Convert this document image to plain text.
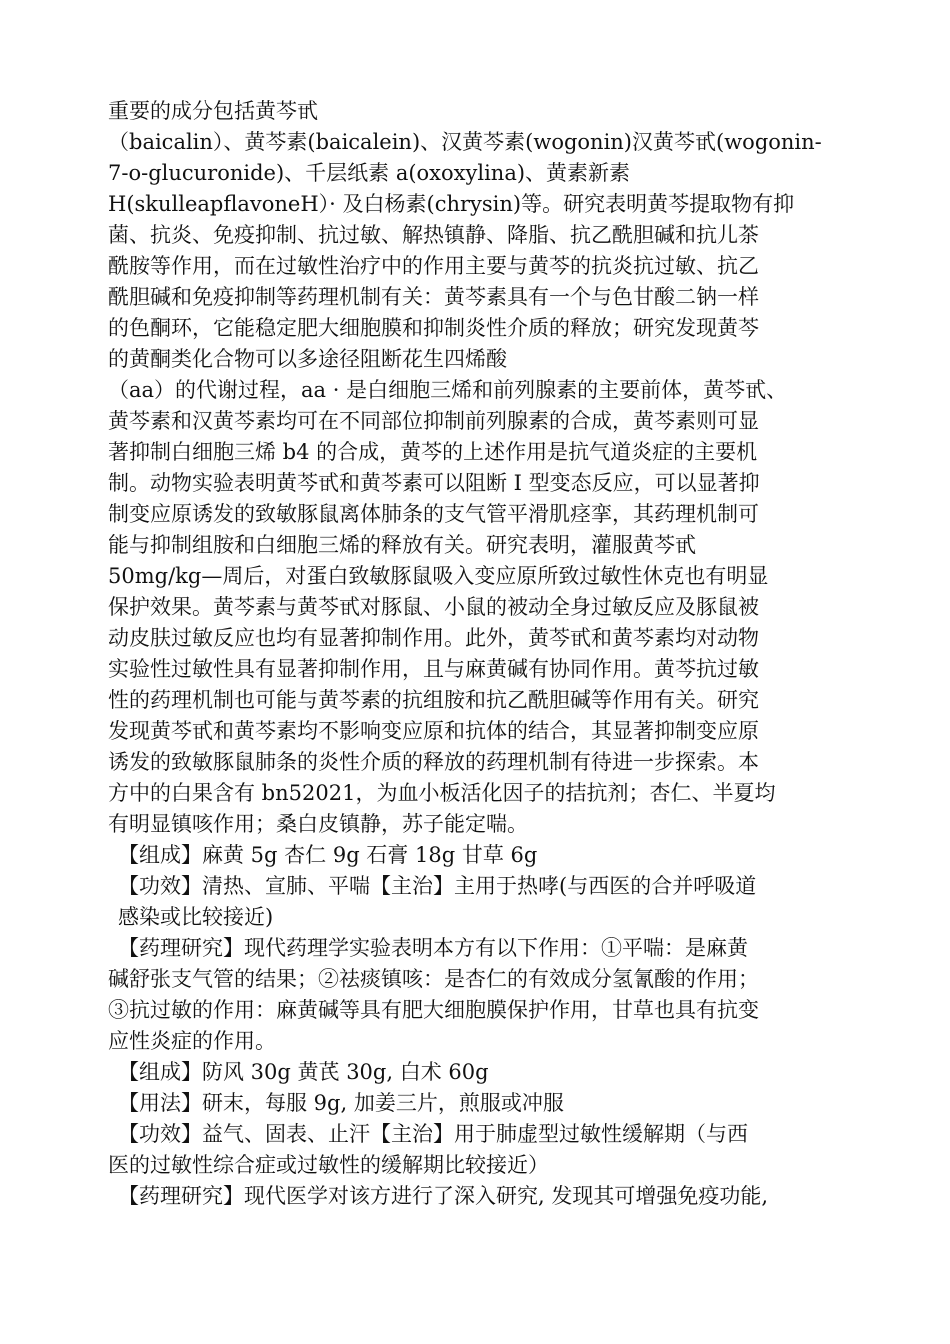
重要的成分包括黄芩甙
（baicalin）、黄芩素(baicalein)、汉黄芩素(wogonin)汉黄芩甙(wogonin-
7-o-glucuronide)、千层纸素 a(oxoxylina)、黄素新素
H(skulleapflavoneH）· 及白杨素(chrysin)等。研究表明黄芩提取物有抑
菌、抗炎、免疫抑制、抗过敏、解热镇静、降脂、抗乙酰胆碱和抗儿茶
酰胺等作用，而在过敏性治疗中的作用主要与黄芩的抗炎抗过敏、抗乙
酰胆碱和免疫抑制等药理机制有关：黄芩素具有一个与色甘酸二钠一样
的色酮环，它能稳定肥大细胞膜和抑制炎性介质的释放；研究发现黄芩
的黄酮类化合物可以多途径阻断花生四烯酸
（aa）的代谢过程，aa · 是白细胞三烯和前列腺素的主要前体，黄芩甙、
黄芩素和汉黄芩素均可在不同部位抑制前列腺素的合成，黄芩素则可显
著抑制白细胞三烯 b4 的合成，黄芩的上述作用是抗气道炎症的主要机
制。动物实验表明黄芩甙和黄芩素可以阻断 Ⅰ 型变态反应，可以显著抑
制变应原诱发的致敏豚鼠离体肺条的支气管平滑肌痉挛，其药理机制可
能与抑制组胺和白细胞三烯的释放有关。研究表明，灌服黄芩甙
50mg/kg—周后，对蛋白致敏豚鼠吸入变应原所致过敏性休克也有明显
保护效果。黄芩素与黄芩甙对豚鼠、小鼠的被动全身过敏反应及豚鼠被
动皮肤过敏反应也均有显著抑制作用。此外，黄芩甙和黄芩素均对动物
实验性过敏性具有显著抑制作用，且与麻黄碱有协同作用。黄芩抗过敏
性的药理机制也可能与黄芩素的抗组胺和抗乙酰胆碱等作用有关。研究
发现黄芩甙和黄芩素均不影响变应原和抗体的结合，其显著抑制变应原
诱发的致敏豚鼠肺条的炎性介质的释放的药理机制有待进一步探索。本
方中的白果含有 bn52021，为血小板活化因子的拮抗剂；杏仁、半夏均
有明显镇咳作用；桑白皮镇静，苏子能定喘。
【组成】麻黄 5g 杏仁 9g 石膏 18g 甘草 6g
【功效】清热、宣肺、平喘【主治】主用于热哮(与西医的合并呼吸道
感染或比较接近)
【药理研究】现代药理学实验表明本方有以下作用：①平喘：是麻黄
碱舒张支气管的结果；②祛痰镇咳：是杏仁的有效成分氢氰酸的作用；
③抗过敏的作用：麻黄碱等具有肥大细胞膜保护作用，甘草也具有抗变
应性炎症的作用。
【组成】防风 30g 黄芪 30g, 白术 60g
【用法】研末，每服 9g, 加姜三片，煎服或冲服
【功效】益气、固表、止汗【主治】用于肺虚型过敏性缓解期（与西
医的过敏性综合症或过敏性的缓解期比较接近）
【药理研究】现代医学对该方进行了深入研究, 发现其可增强免疫功能,
